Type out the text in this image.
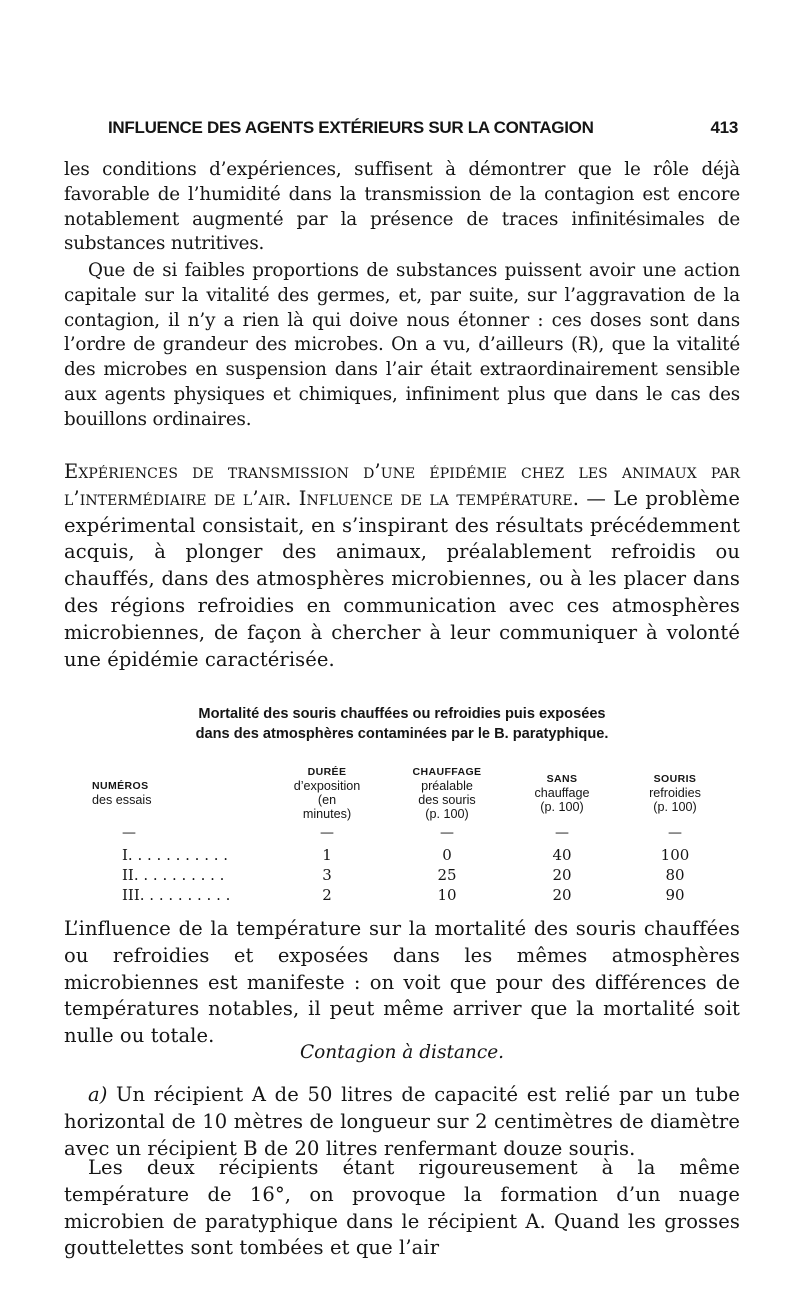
INFLUENCE DES AGENTS EXTÉRIEURS SUR LA CONTAGION	413

les conditions d’expériences, suffisent à démontrer que le rôle déjà favorable de l’humidité dans la transmission de la contagion est encore notablement augmenté par la présence de traces infinitésimales de substances nutritives.

Que de si faibles proportions de substances puissent avoir une action capitale sur la vitalité des germes, et, par suite, sur l’aggravation de la contagion, il n’y a rien là qui doive nous étonner : ces doses sont dans l’ordre de grandeur des microbes. On a vu, d’ailleurs (R), que la vitalité des microbes en suspension dans l’air était extraordinairement sensible aux agents physiques et chimiques, infiniment plus que dans le cas des bouillons ordinaires.

Expériences de transmission d’une épidémie chez les animaux par l’intermédiaire de l’air. Influence de la température. — Le problème expérimental consistait, en s’inspirant des résultats précédemment acquis, à plonger des animaux, préalablement refroidis ou chauffés, dans des atmosphères microbiennes, ou à les placer dans des régions refroidies en communication avec ces atmosphères microbiennes, de façon à chercher à leur communiquer à volonté une épidémie caractérisée.

Mortalité des souris chauffées ou refroidies puis exposées
dans des atmosphères contaminées par le B. paratyphique.
NUMÉROS
des essais	DURÉE
d’exposition
(en
minutes)	CHAUFFAGE
préalable
des souris
(p. 100)	SANS
chauffage
(p. 100)	SOURIS
refroidies
(p. 100)
—	—	—	—	—
I. . . . . . . . . . .	1	0	40	100
II. . . . . . . . . .	3	25	20	80
III. . . . . . . . . .	2	10	20	90

L’influence de la température sur la mortalité des souris chauffées ou refroidies et exposées dans les mêmes atmosphères microbiennes est manifeste : on voit que pour des différences de températures notables, il peut même arriver que la mortalité soit nulle ou totale.

Contagion à distance.

a) Un récipient A de 50 litres de capacité est relié par un tube horizontal de 10 mètres de longueur sur 2 centimètres de diamètre avec un récipient B de 20 litres renfermant douze souris.

Les deux récipients étant rigoureusement à la même température de 16°, on provoque la formation d’un nuage microbien de paratyphique dans le récipient A. Quand les grosses gouttelettes sont tombées et que l’air
